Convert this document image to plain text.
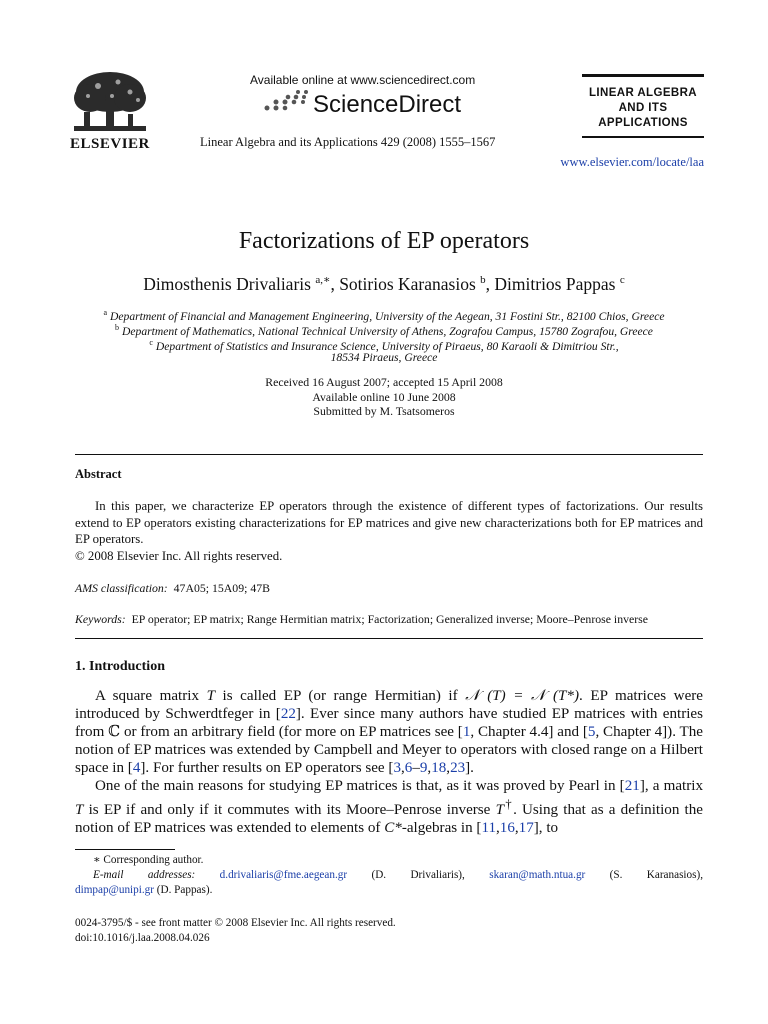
ELSEVIER
Available online at www.sciencedirect.com
ScienceDirect
Linear Algebra and its Applications 429 (2008) 1555–1567
LINEAR ALGEBRA
AND ITS
APPLICATIONS
www.elsevier.com/locate/laa
Factorizations of EP operators
Dimosthenis Drivaliaris $^{a,∗}$, Sotirios Karanasios $^b$, Dimitrios Pappas $^c$
$^a$ Department of Financial and Management Engineering, University of the Aegean, 31 Fostini Str., 82100 Chios, Greece
$^b$ Department of Mathematics, National Technical University of Athens, Zografou Campus, 15780 Zografou, Greece
$^c$ Department of Statistics and Insurance Science, University of Piraeus, 80 Karaoli & Dimitriou Str.,
18534 Piraeus, Greece
Received 16 August 2007; accepted 15 April 2008
Available online 10 June 2008
Submitted by M. Tsatsomeros
Abstract
In this paper, we characterize EP operators through the existence of different types of factorizations. Our results extend to EP operators existing characterizations for EP matrices and give new characterizations both for EP matrices and EP operators.
© 2008 Elsevier Inc. All rights reserved.
AMS classification: 47A05; 15A09; 47B
Keywords: EP operator; EP matrix; Range Hermitian matrix; Factorization; Generalized inverse; Moore–Penrose inverse
1. Introduction

A square matrix T is called EP (or range Hermitian) if 𝒩 (T) = 𝒩 (T*). EP matrices were introduced by Schwerdtfeger in [22]. Ever since many authors have studied EP matrices with entries from ℂ or from an arbitrary field (for more on EP matrices see [1, Chapter 4.4] and [5, Chapter 4]). The notion of EP matrices was extended by Campbell and Meyer to operators with closed range on a Hilbert space in [4]. For further results on EP operators see [3,6–9,18,23].

One of the main reasons for studying EP matrices is that, as it was proved by Pearl in [21], a matrix T is EP if and only if it commutes with its Moore–Penrose inverse T†. Using that as a definition the notion of EP matrices was extended to elements of C*-algebras in [11,16,17], to

∗ Corresponding author.
E-mail addresses: d.drivaliaris@fme.aegean.gr (D. Drivaliaris), skaran@math.ntua.gr (S. Karanasios),
dimpap@unipi.gr (D. Pappas).
0024-3795/$ - see front matter © 2008 Elsevier Inc. All rights reserved.
doi:10.1016/j.laa.2008.04.026
